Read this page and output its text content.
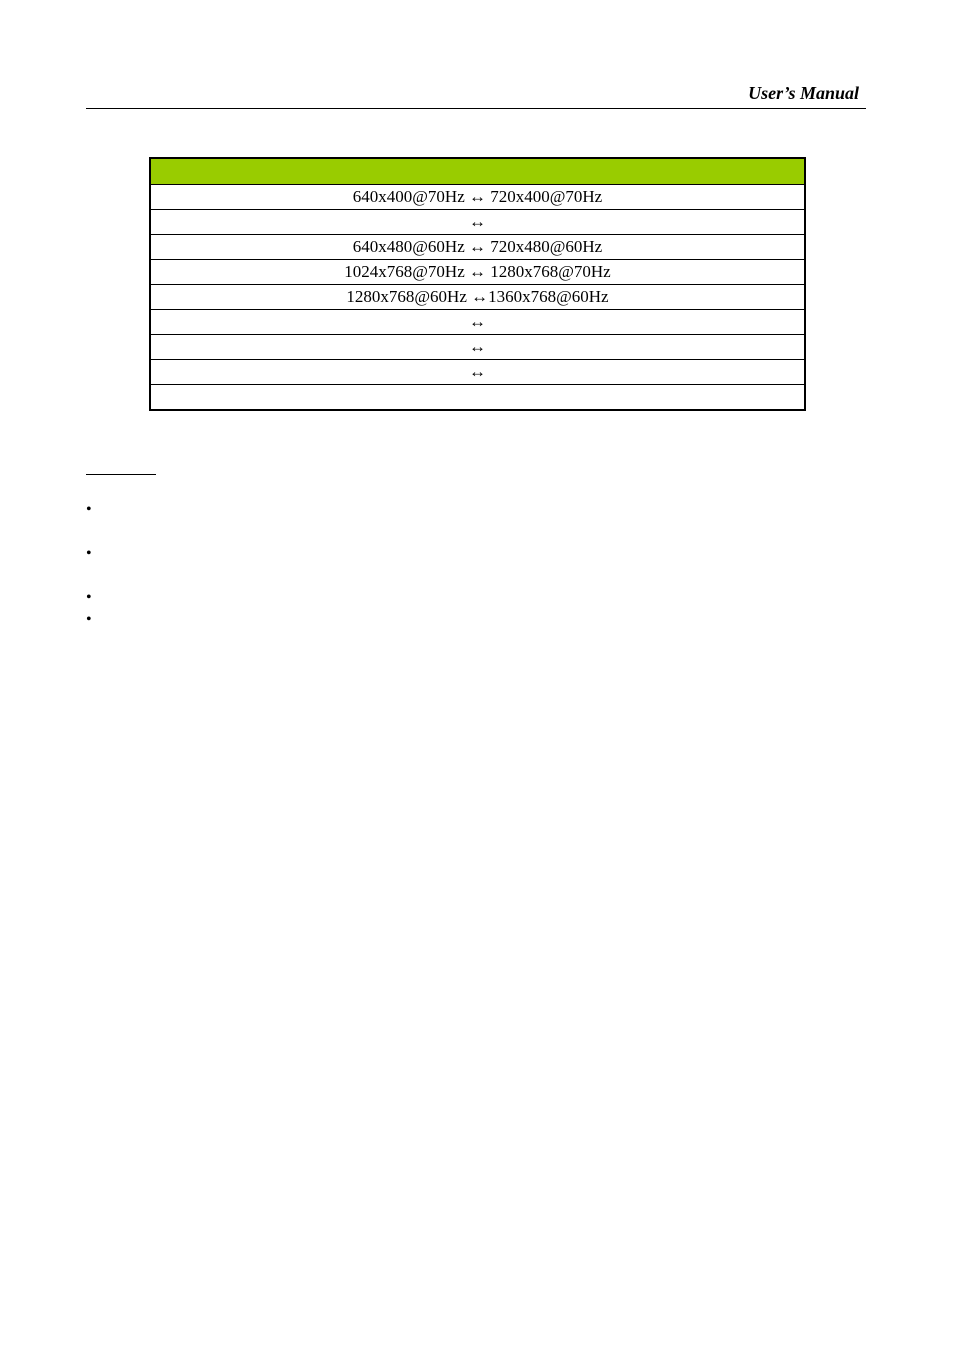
User’s Manual

640x400@70Hz ↔ 720x400@70Hz
↔
640x480@60Hz ↔ 720x480@60Hz
1024x768@70Hz ↔ 1280x768@70Hz
1280x768@60Hz ↔1360x768@60Hz
↔
↔
↔

•
•
•
•
